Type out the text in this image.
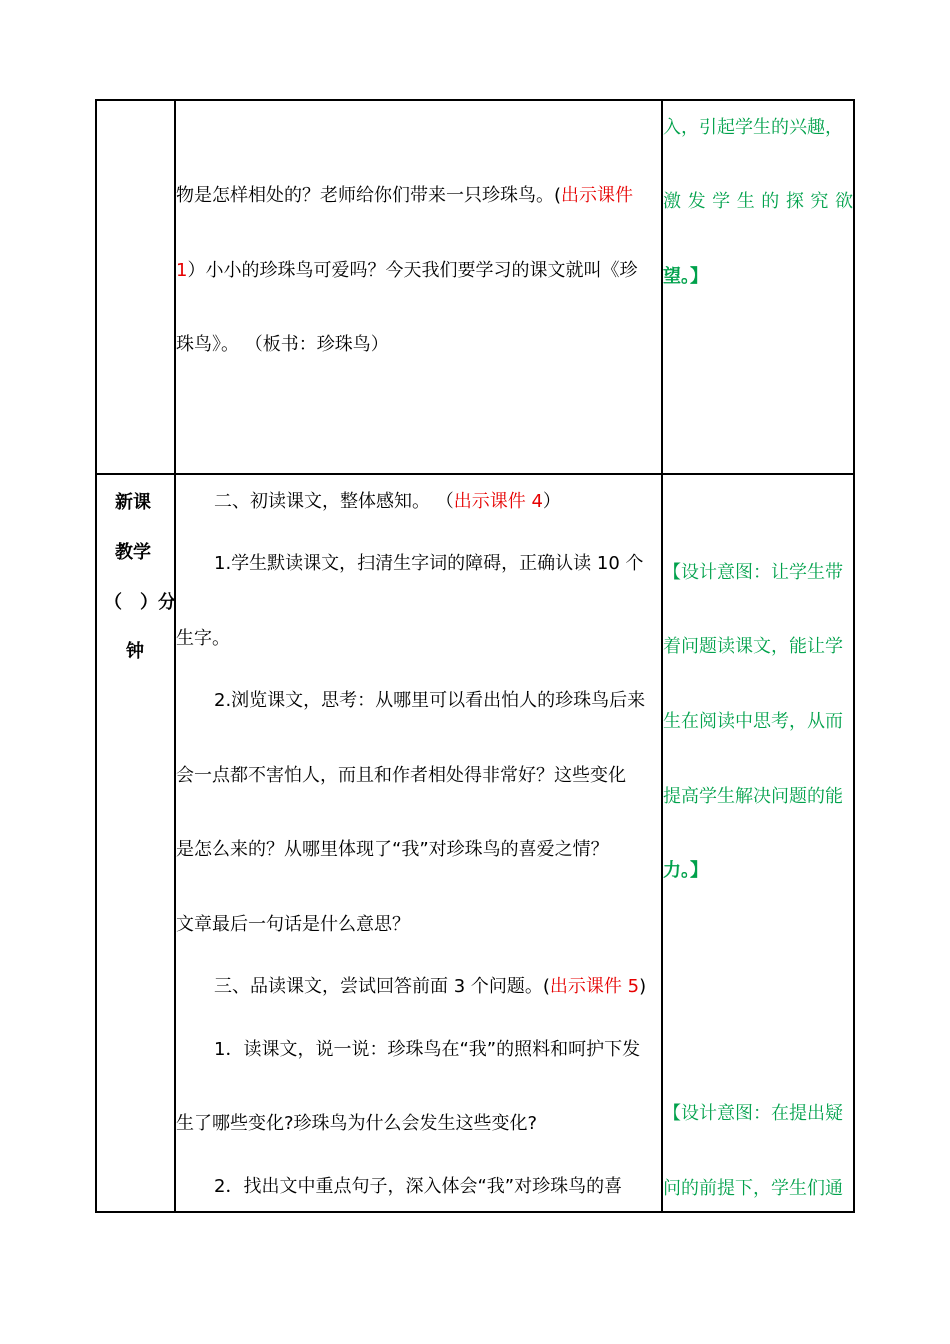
物是怎样相处的？老师给你们带来一只珍珠鸟。(出示课件
1）小小的珍珠鸟可爱吗？今天我们要学习的课文就叫《珍
珠鸟》。 （板书：珍珠鸟）
入，引起学生的兴趣，
激发学生的探究欲
望。】
新课
教学
（ ）分
钟
二、初读课文，整体感知。 （出示课件 4）
1.学生默读课文，扫清生字词的障碍，正确认读 10 个
生字。
2.浏览课文，思考：从哪里可以看出怕人的珍珠鸟后来
会一点都不害怕人，而且和作者相处得非常好？这些变化
是怎么来的？从哪里体现了“我”对珍珠鸟的喜爱之情？
文章最后一句话是什么意思？
三、品读课文，尝试回答前面 3 个问题。(出示课件 5)
1．读课文，说一说：珍珠鸟在“我”的照料和呵护下发
生了哪些变化?珍珠鸟为什么会发生这些变化?
2．找出文中重点句子，深入体会“我”对珍珠鸟的喜
【设计意图：让学生带
着问题读课文，能让学
生在阅读中思考，从而
提高学生解决问题的能
力。】
【设计意图：在提出疑
问的前提下，学生们通
